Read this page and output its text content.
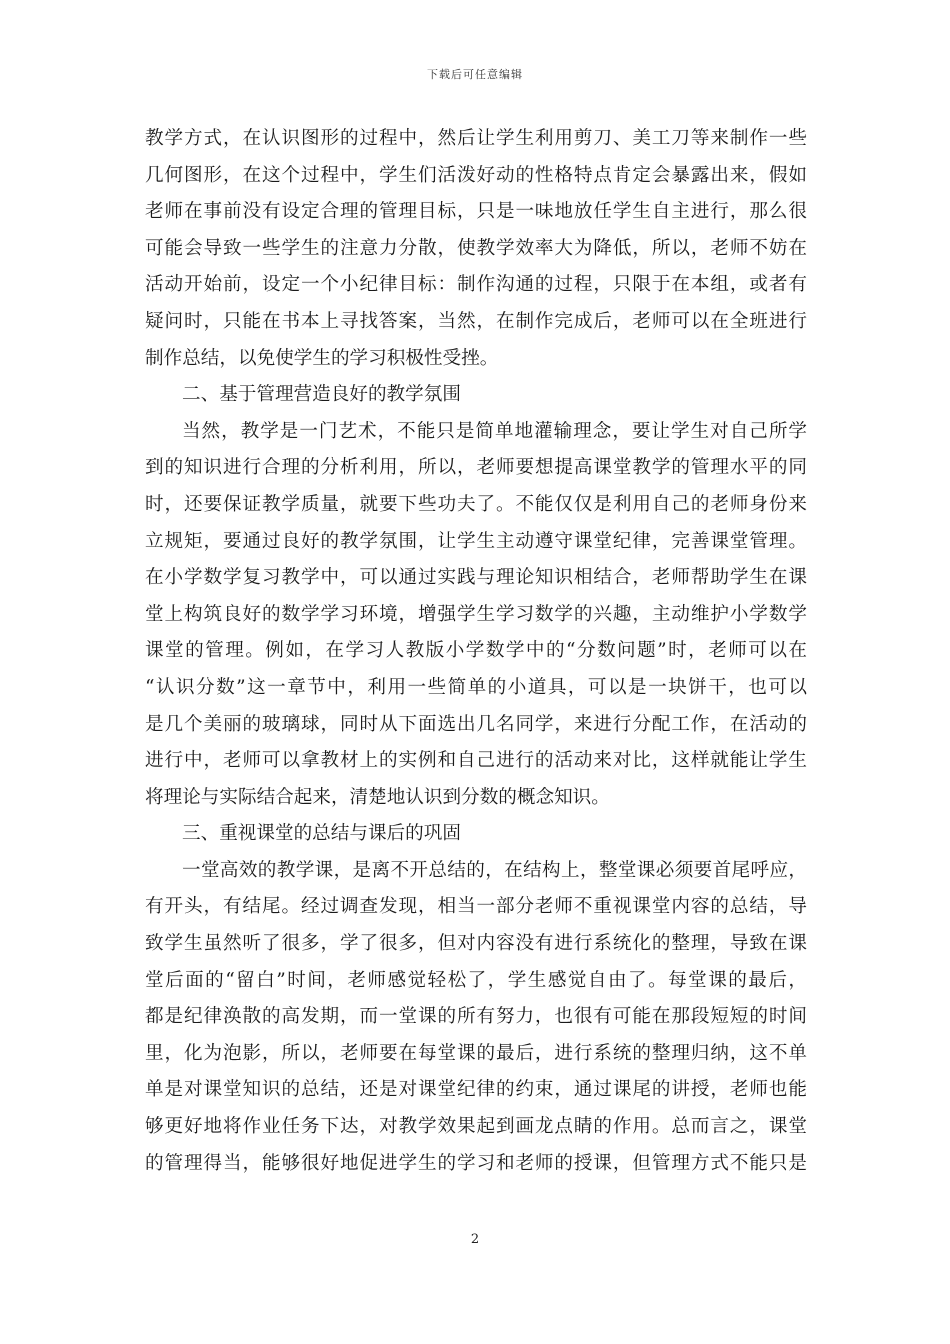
下载后可任意编辑
教学方式，在认识图形的过程中，然后让学生利用剪刀、美工刀等来制作一些
几何图形，在这个过程中，学生们活泼好动的性格特点肯定会暴露出来，假如
老师在事前没有设定合理的管理目标，只是一味地放任学生自主进行，那么很
可能会导致一些学生的注意力分散，使教学效率大为降低，所以，老师不妨在
活动开始前，设定一个小纪律目标：制作沟通的过程，只限于在本组，或者有
疑问时，只能在书本上寻找答案，当然，在制作完成后，老师可以在全班进行
制作总结，以免使学生的学习积极性受挫。
二、基于管理营造良好的教学氛围
当然，教学是一门艺术，不能只是简单地灌输理念，要让学生对自己所学
到的知识进行合理的分析利用，所以，老师要想提高课堂教学的管理水平的同
时，还要保证教学质量，就要下些功夫了。不能仅仅是利用自己的老师身份来
立规矩，要通过良好的教学氛围，让学生主动遵守课堂纪律，完善课堂管理。
在小学数学复习教学中，可以通过实践与理论知识相结合，老师帮助学生在课
堂上构筑良好的数学学习环境，增强学生学习数学的兴趣，主动维护小学数学
课堂的管理。例如，在学习人教版小学数学中的“分数问题”时，老师可以在
“认识分数”这一章节中，利用一些简单的小道具，可以是一块饼干，也可以
是几个美丽的玻璃球，同时从下面选出几名同学，来进行分配工作，在活动的
进行中，老师可以拿教材上的实例和自己进行的活动来对比，这样就能让学生
将理论与实际结合起来，清楚地认识到分数的概念知识。
三、重视课堂的总结与课后的巩固
一堂高效的教学课，是离不开总结的，在结构上，整堂课必须要首尾呼应，
有开头，有结尾。经过调查发现，相当一部分老师不重视课堂内容的总结，导
致学生虽然听了很多，学了很多，但对内容没有进行系统化的整理，导致在课
堂后面的“留白”时间，老师感觉轻松了，学生感觉自由了。每堂课的最后，
都是纪律涣散的高发期，而一堂课的所有努力，也很有可能在那段短短的时间
里，化为泡影，所以，老师要在每堂课的最后，进行系统的整理归纳，这不单
单是对课堂知识的总结，还是对课堂纪律的约束，通过课尾的讲授，老师也能
够更好地将作业任务下达，对教学效果起到画龙点睛的作用。总而言之，课堂
的管理得当，能够很好地促进学生的学习和老师的授课，但管理方式不能只是
2
